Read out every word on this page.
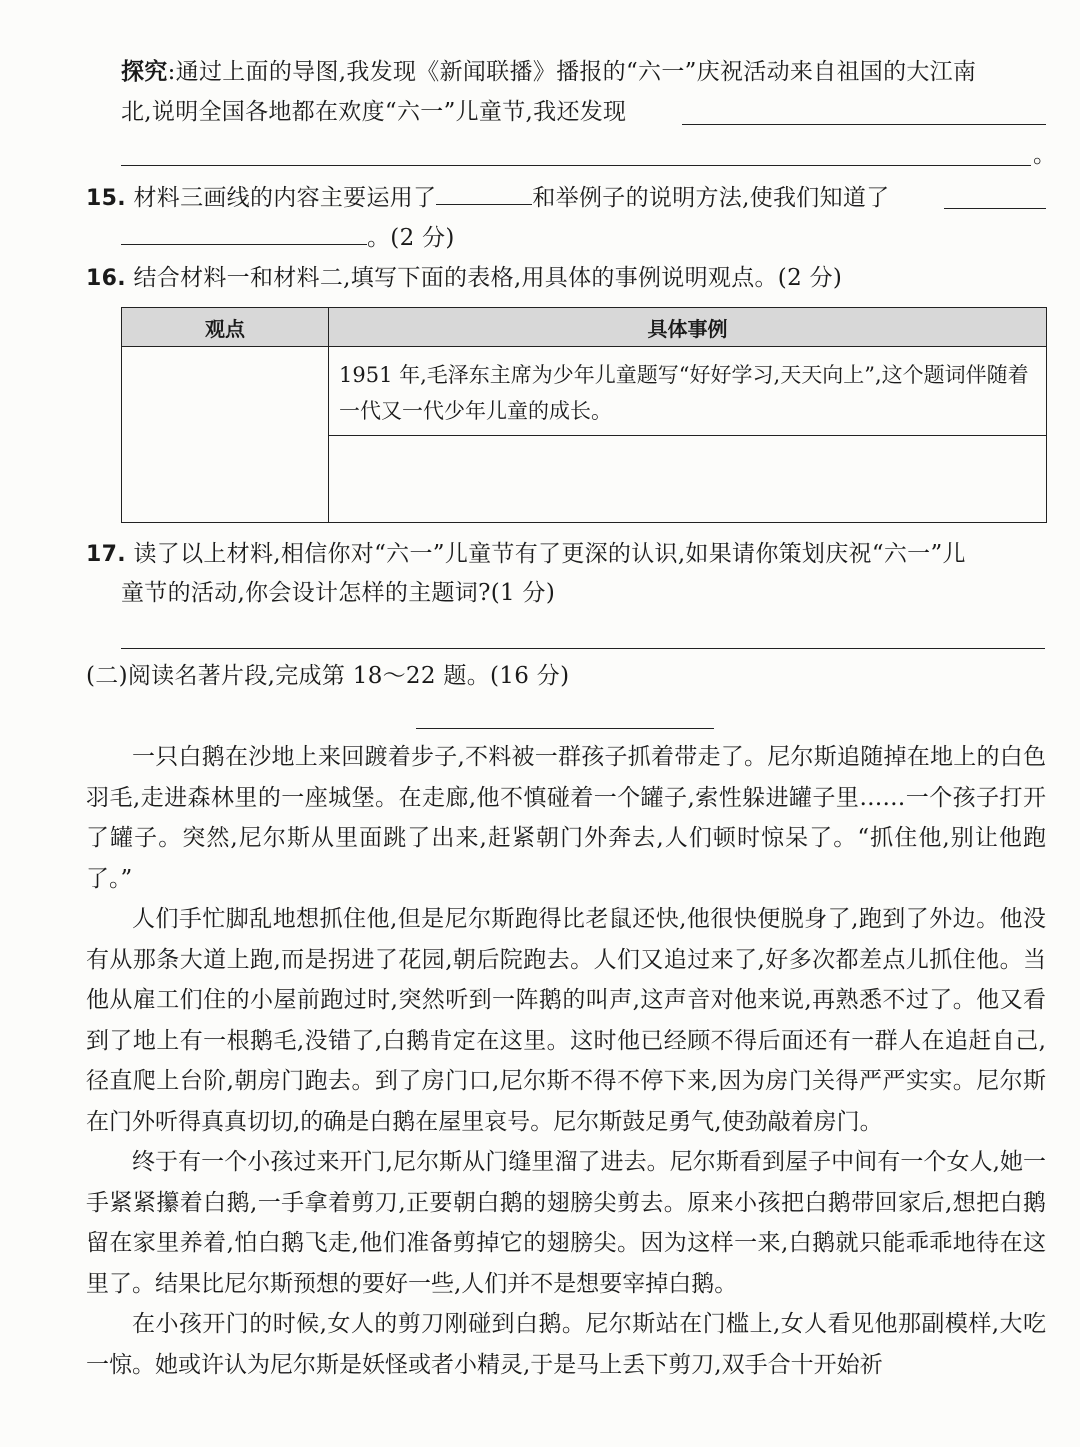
探究:通过上面的导图,我发现《新闻联播》播报的“六一”庆祝活动来自祖国的大江南
北,说明全国各地都在欢度“六一”儿童节,我还发现
。
15. 材料三画线的内容主要运用了	和举例子的说明方法,使我们知道了
。(2 分)
16. 结合材料一和材料二,填写下面的表格,用具体的事例说明观点。(2 分)
观点	具体事例

	1951 年,毛泽东主席为少年儿童题写“好好学习,天天向上”,这个题词伴随着一代又一代少年儿童的成长。

17. 读了以上材料,相信你对“六一”儿童节有了更深的认识,如果请你策划庆祝“六一”儿
童节的活动,你会设计怎样的主题词?(1 分)
(二)阅读名著片段,完成第 18～22 题。(16 分)

一只白鹅在沙地上来回踱着步子,不料被一群孩子抓着带走了。尼尔斯追随掉在地上的白色羽毛,走进森林里的一座城堡。在走廊,他不慎碰着一个罐子,索性躲进罐子里……一个孩子打开了罐子。突然,尼尔斯从里面跳了出来,赶紧朝门外奔去,人们顿时惊呆了。“抓住他,别让他跑了。”

人们手忙脚乱地想抓住他,但是尼尔斯跑得比老鼠还快,他很快便脱身了,跑到了外边。他没有从那条大道上跑,而是拐进了花园,朝后院跑去。人们又追过来了,好多次都差点儿抓住他。当他从雇工们住的小屋前跑过时,突然听到一阵鹅的叫声,这声音对他来说,再熟悉不过了。他又看到了地上有一根鹅毛,没错了,白鹅肯定在这里。这时他已经顾不得后面还有一群人在追赶自己,径直爬上台阶,朝房门跑去。到了房门口,尼尔斯不得不停下来,因为房门关得严严实实。尼尔斯在门外听得真真切切,的确是白鹅在屋里哀号。尼尔斯鼓足勇气,使劲敲着房门。

终于有一个小孩过来开门,尼尔斯从门缝里溜了进去。尼尔斯看到屋子中间有一个女人,她一手紧紧攥着白鹅,一手拿着剪刀,正要朝白鹅的翅膀尖剪去。原来小孩把白鹅带回家后,想把白鹅留在家里养着,怕白鹅飞走,他们准备剪掉它的翅膀尖。因为这样一来,白鹅就只能乖乖地待在这里了。结果比尼尔斯预想的要好一些,人们并不是想要宰掉白鹅。

在小孩开门的时候,女人的剪刀刚碰到白鹅。尼尔斯站在门槛上,女人看见他那副模样,大吃一惊。她或许认为尼尔斯是妖怪或者小精灵,于是马上丢下剪刀,双手合十开始祈
